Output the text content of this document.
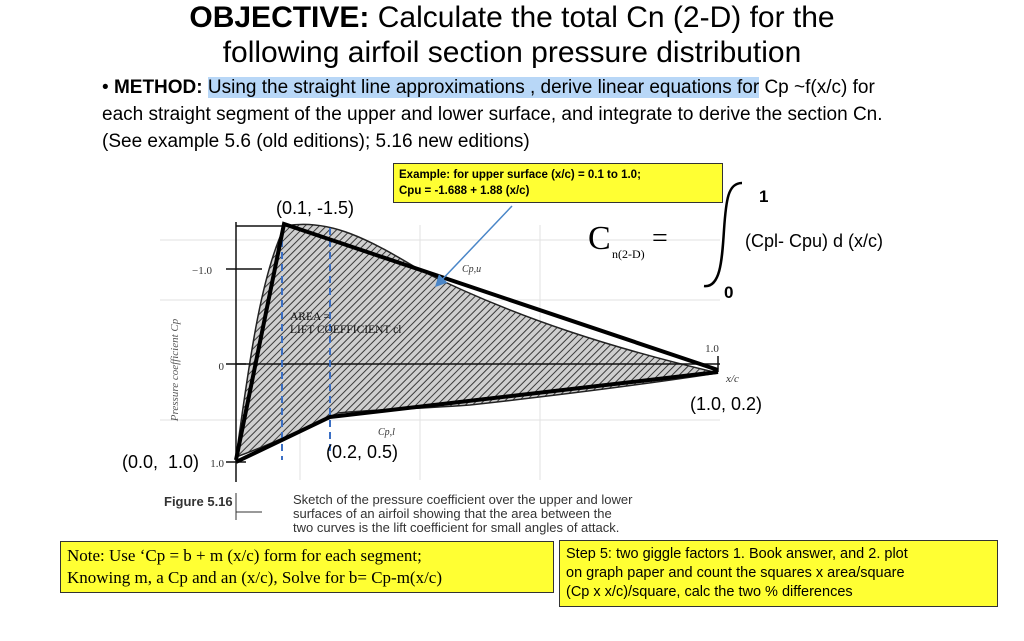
OBJECTIVE: Calculate the total Cn (2-D) for the
following airfoil section pressure distribution
• METHOD: Using the straight line approximations , derive linear equations for Cp ~f(x/c) for each straight segment of the upper and lower surface, and integrate to derive the section Cn. (See example 5.6 (old editions); 5.16 new editions)
−1.0
0
1.0
1.0
x/c
Pressure coefficient Cp
Cp,u
Cp,l
AREA =
LIFT COEFFICIENT cl
(0.1, -1.5)
(1.0, 0.2)
(0.0,  1.0)	(0.2, 0.5)
C n(2-D) =
1
0
(Cpl- Cpu) d (x/c)
Figure 5.16	Sketch of the pressure coefficient over the upper and lower
surfaces of an airfoil showing that the area between the
two curves is the lift coefficient for small angles of attack.
Example: for upper surface (x/c) = 0.1 to 1.0;
Cpu = -1.688 + 1.88 (x/c)
Note: Use ‘Cp = b + m (x/c) form for each segment;
Knowing m, a Cp and an (x/c), Solve for b= Cp-m(x/c)
Step 5: two giggle factors 1. Book answer, and 2. plot
on graph paper and count the squares x area/square
(Cp x x/c)/square, calc the two % differences
